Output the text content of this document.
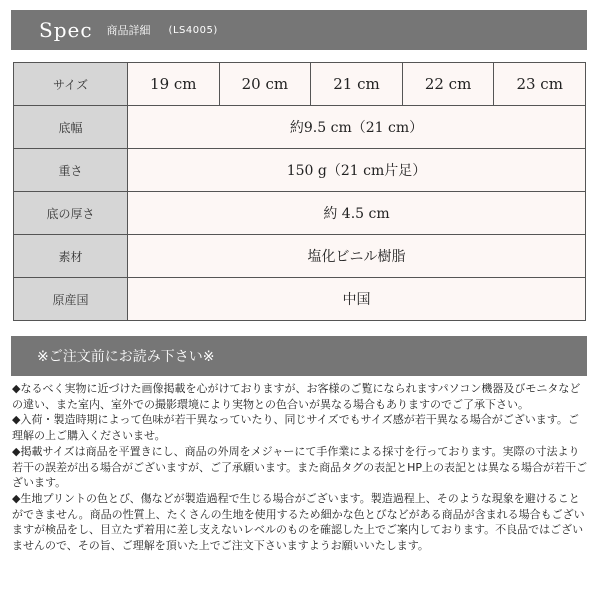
Spec 商品詳細 (LS4005)
サイズ	19 cm	20 cm	21 cm	22 cm	23 cm
底幅	約9.5 cm（21 cm）				
重さ	150 g（21 cm片足）				
底の厚さ	約 4.5 cm				
素材	塩化ビニル樹脂				
原産国	中国				
※ご注文前にお読み下さい※

◆なるべく実物に近づけた画像掲載を心がけておりますが、お客様のご覧になられますパソコン機器及びモニタなどの違い、また室内、室外での撮影環境により実物との色合いが異なる場合もありますのでご了承下さい。

◆入荷・製造時期によって色味が若干異なっていたり、同じサイズでもサイズ感が若干異なる場合がございます。ご理解の上ご購入くださいませ。

◆掲載サイズは商品を平置きにし、商品の外周をメジャーにて手作業による採寸を行っております。実際の寸法より若干の誤差が出る場合がございますが、ご了承願います。また商品タグの表記とHP上の表記とは異なる場合が若干ございます。

◆生地プリントの色とび、傷などが製造過程で生じる場合がございます。製造過程上、そのような現象を避けることができません。商品の性質上、たくさんの生地を使用するため細かな色とびなどがある商品が含まれる場合もございますが検品をし、目立たず着用に差し支えないレベルのものを確認した上でご案内しております。不良品ではございませんので、その旨、ご理解を頂いた上でご注文下さいますようお願いいたします。
